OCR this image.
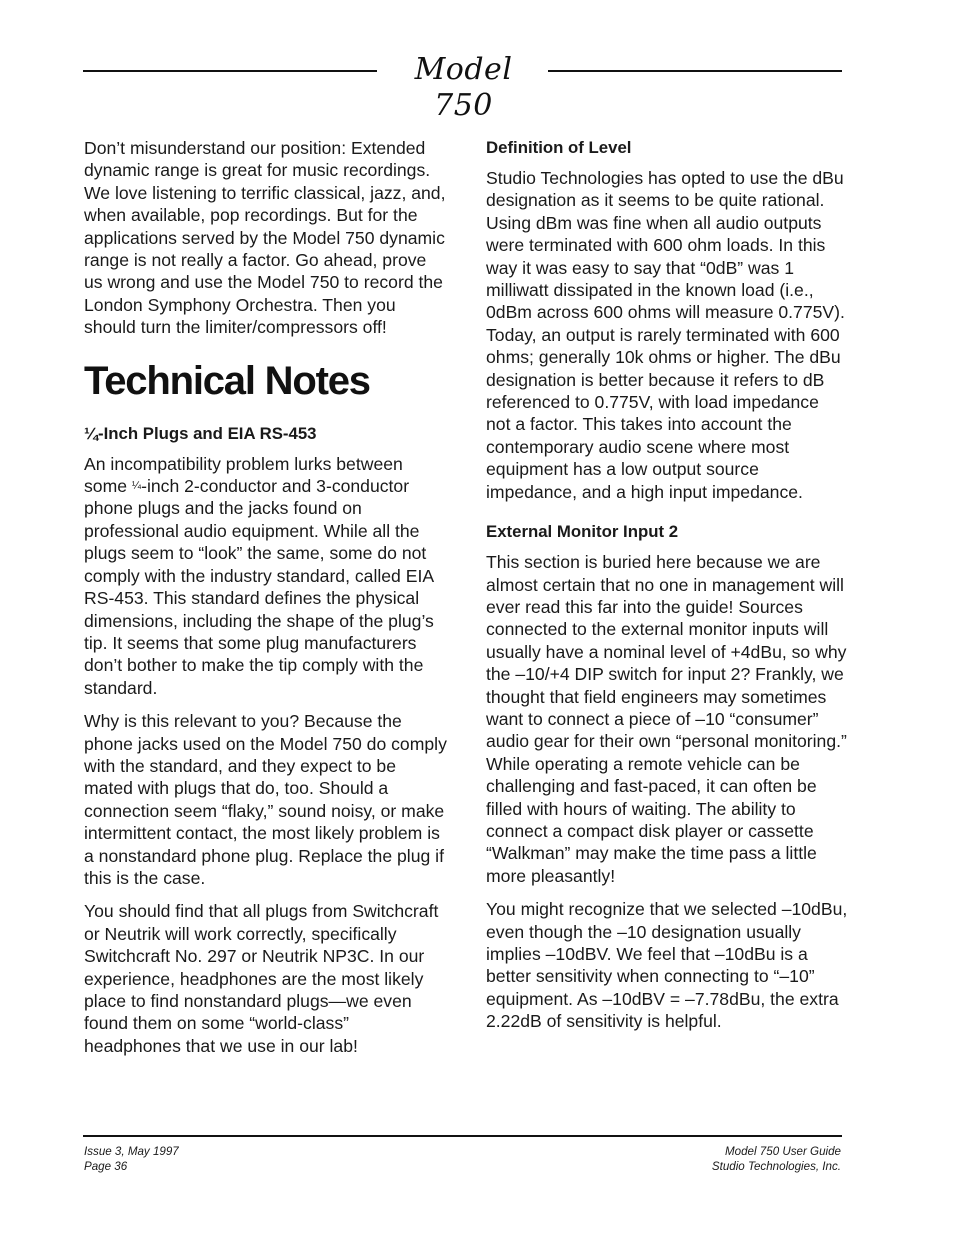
Model 750

Don’t misunderstand our position: Extended dynamic range is great for music recordings. We love listening to terrific classical, jazz, and, when available, pop recordings. But for the applications served by the Model 750 dynamic range is not really a factor. Go ahead, prove us wrong and use the Model 750 to record the London Symphony Orchestra. Then you should turn the limiter/compressors off!

Technical Notes
¼-Inch Plugs and EIA RS-453

An incompatibility problem lurks between some ¼-inch 2-conductor and 3-conductor phone plugs and the jacks found on professional audio equipment. While all the plugs seem to “look” the same, some do not comply with the industry standard, called EIA RS-453. This standard defines the physical dimensions, including the shape of the plug’s tip. It seems that some plug manufacturers don’t bother to make the tip comply with the standard.

Why is this relevant to you? Because the phone jacks used on the Model 750 do comply with the standard, and they expect to be mated with plugs that do, too. Should a connection seem “flaky,” sound noisy, or make intermittent contact, the most likely problem is a nonstandard phone plug. Replace the plug if this is the case.

You should find that all plugs from Switchcraft or Neutrik will work correctly, specifically Switchcraft No. 297 or Neutrik NP3C. In our experience, headphones are the most likely place to find nonstandard plugs—we even found them on some “world-class” headphones that we use in our lab!

Definition of Level

Studio Technologies has opted to use the dBu designation as it seems to be quite rational. Using dBm was fine when all audio outputs were terminated with 600 ohm loads. In this way it was easy to say that “0dB” was 1 milliwatt dissipated in the known load (i.e., 0dBm across 600 ohms will measure 0.775V). Today, an output is rarely terminated with 600 ohms; generally 10k ohms or higher. The dBu designation is better because it refers to dB referenced to 0.775V, with load impedance not a factor. This takes into account the contemporary audio scene where most equipment has a low output source impedance, and a high input impedance.

External Monitor Input 2

This section is buried here because we are almost certain that no one in management will ever read this far into the guide! Sources connected to the external monitor inputs will usually have a nominal level of +4dBu, so why the –10/+4 DIP switch for input 2? Frankly, we thought that field engineers may sometimes want to connect a piece of –10 “consumer” audio gear for their own “personal monitoring.” While operating a remote vehicle can be challenging and fast-paced, it can often be filled with hours of waiting. The ability to connect a compact disk player or cassette “Walkman” may make the time pass a little more pleasantly!

You might recognize that we selected –10dBu, even though the –10 designation usually implies –10dBV. We feel that –10dBu is a better sensitivity when connecting to “–10” equipment. As –10dBV = –7.78dBu, the extra 2.22dB of sensitivity is helpful.

Issue 3, May 1997
Page 36
Model 750 User Guide
Studio Technologies, Inc.
